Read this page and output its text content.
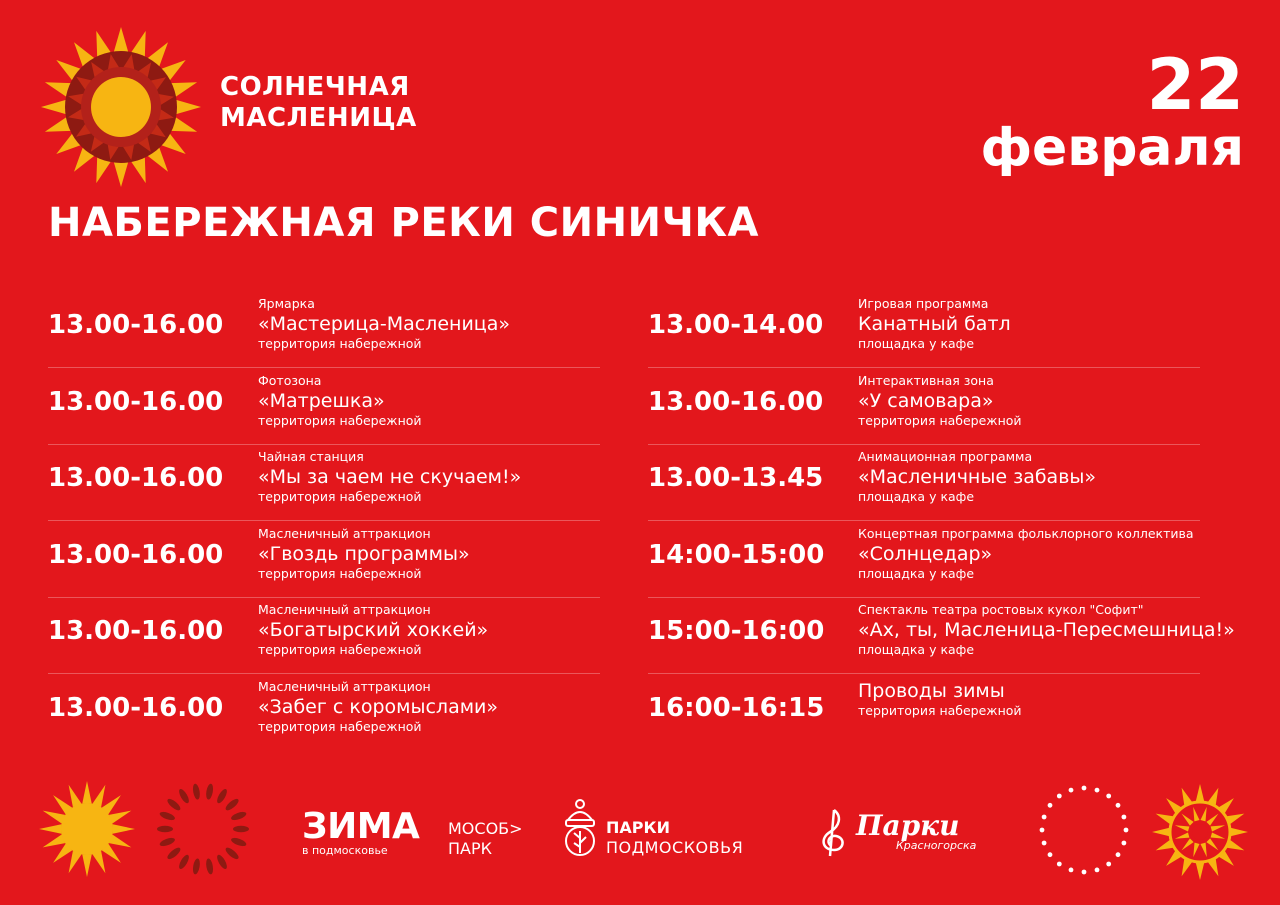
СОЛНЕЧНАЯ
МАСЛЕНИЦА	22
февраля
НАБЕРЕЖНАЯ РЕКИ СИНИЧКА
13.00-16.00
Ярмарка
«Мастерица-Масленица»
территория набережной
13.00-16.00
Фотозона
«Матрешка»
территория набережной
13.00-16.00
Чайная станция
«Мы за чаем не скучаем!»
территория набережной
13.00-16.00
Масленичный аттракцион
«Гвоздь программы»
территория набережной
13.00-16.00
Масленичный аттракцион
«Богатырский хоккей»
территория набережной
13.00-16.00
Масленичный аттракцион
«Забег с коромыслами»
территория набережной
13.00-14.00
Игровая программа
Канатный батл
площадка у кафе
13.00-16.00
Интерактивная зона
«У самовара»
территория набережной
13.00-13.45
Анимационная программа
«Масленичные забавы»
площадка у кафе
14:00-15:00
Концертная программа фольклорного коллектива
«Солнцедар»
площадка у кафе
15:00-16:00
Спектакль театра ростовых кукол "Софит"
«Ах, ты, Масленица-Пересмешница!»
площадка у кафе
16:00-16:15
Проводы зимы
территория набережной
ЗИМА
в подмосковье
МОСОБ>
ПАРК
ПАРКИ
ПОДМОСКОВЬЯ
Парки
Красногорска
